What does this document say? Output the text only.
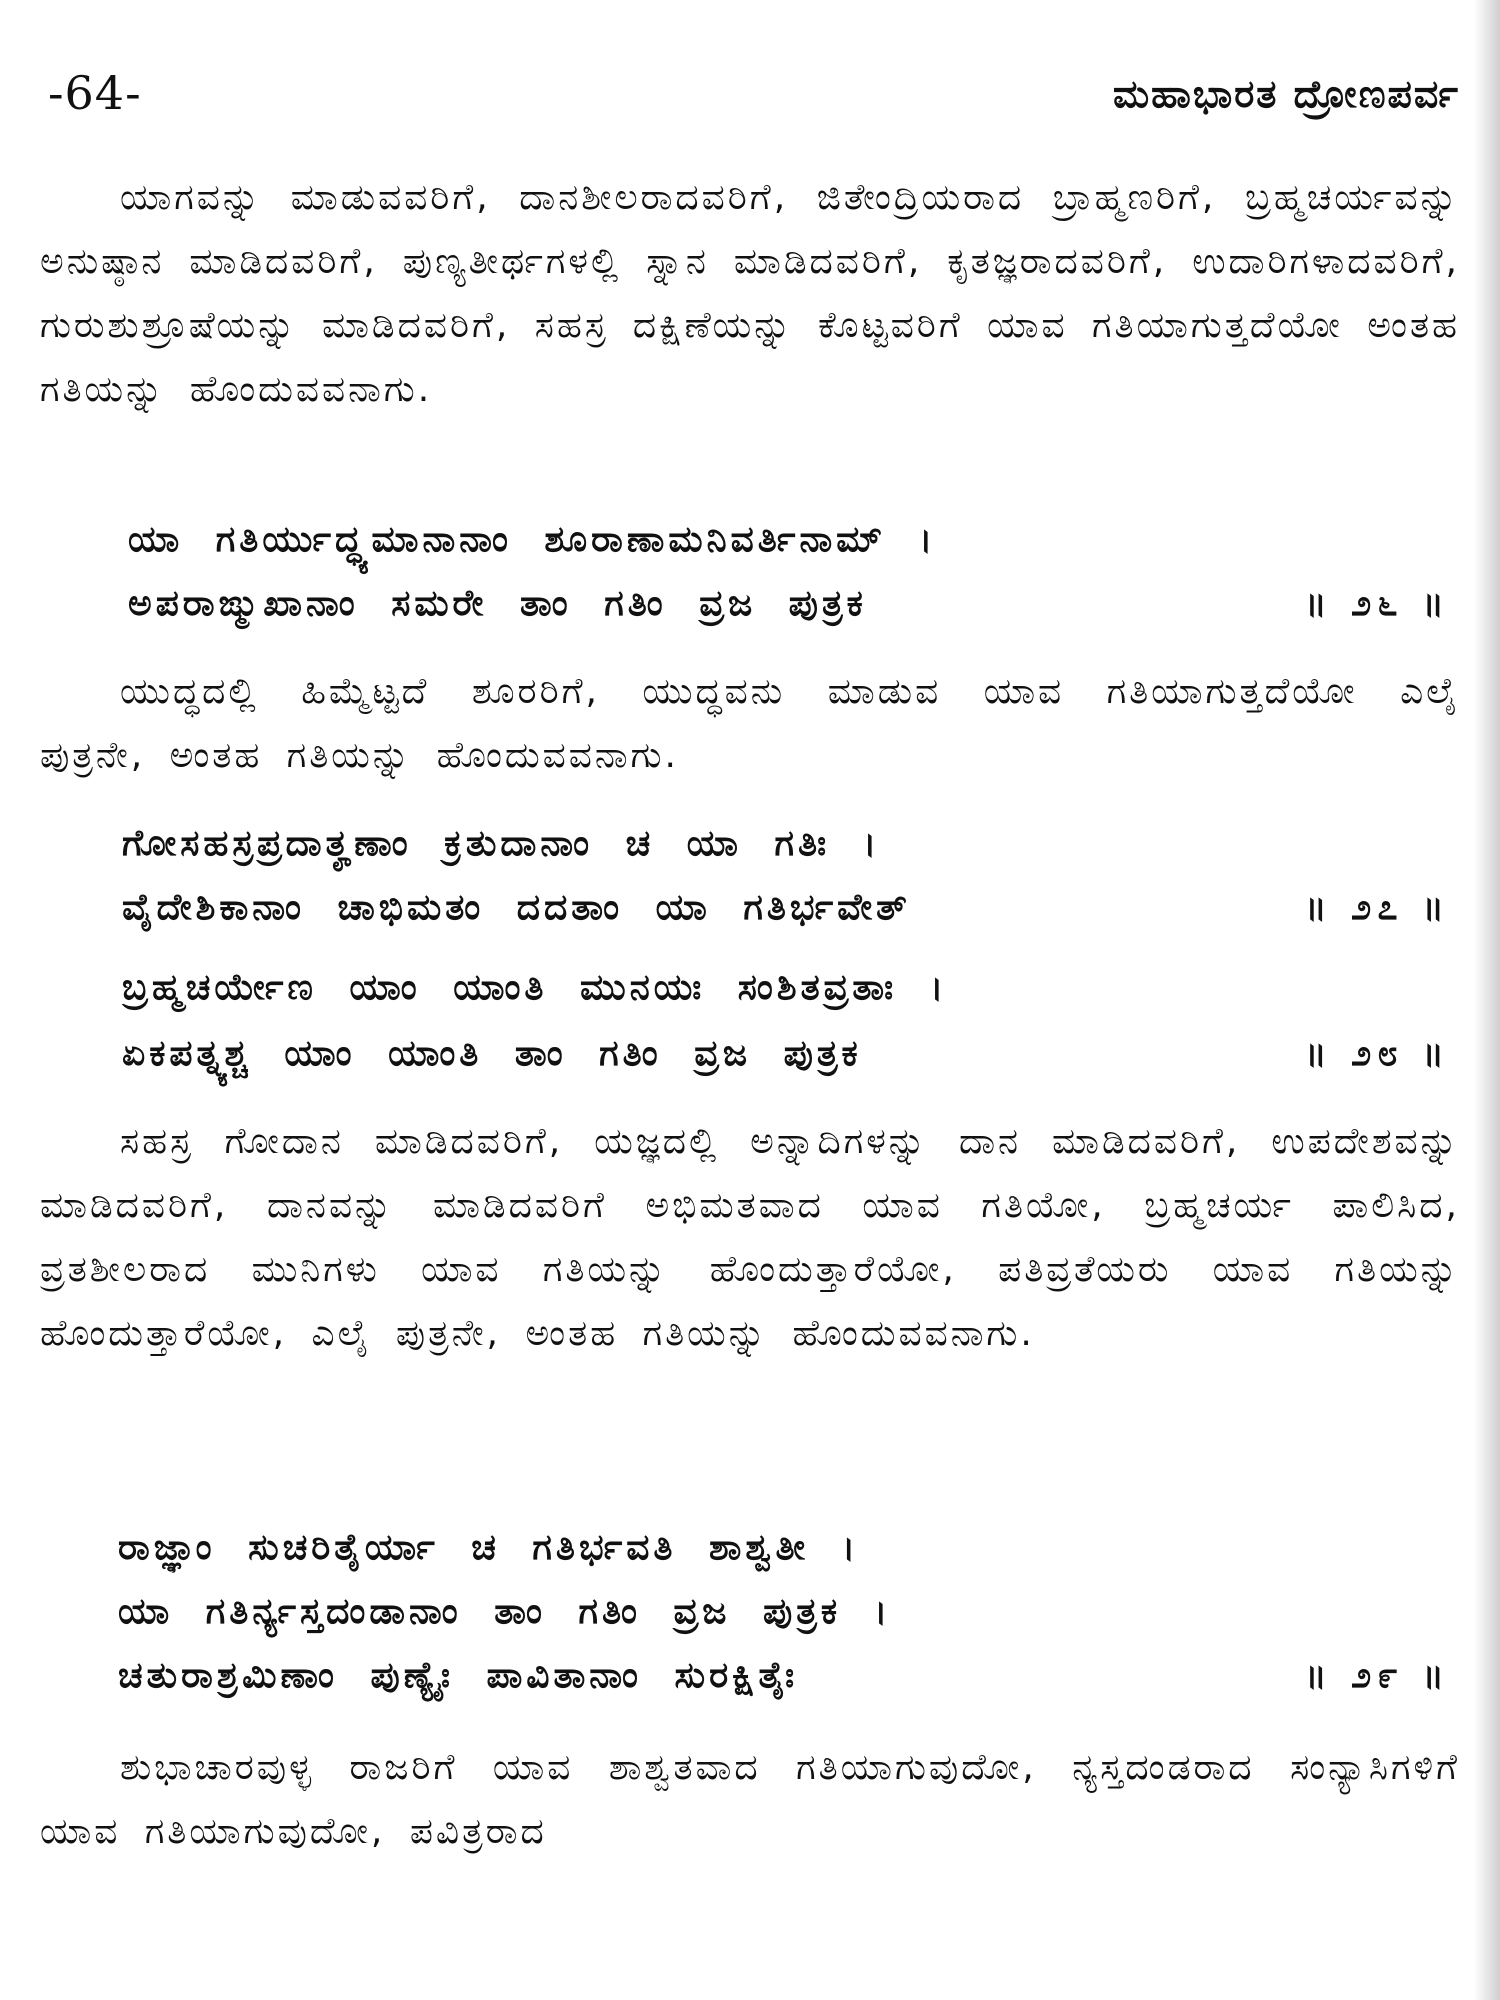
-64-	ಮಹಾಭಾರತ ದ್ರೋಣಪರ್ವ

ಯಾಗವನ್ನು ಮಾಡುವವರಿಗೆ, ದಾನಶೀಲರಾದವರಿಗೆ, ಜಿತೇಂದ್ರಿಯರಾದ ಬ್ರಾಹ್ಮಣರಿಗೆ, ಬ್ರಹ್ಮಚರ್ಯವನ್ನು ಅನುಷ್ಠಾನ ಮಾಡಿದವರಿಗೆ, ಪುಣ್ಯತೀರ್ಥಗಳಲ್ಲಿ ಸ್ನಾನ ಮಾಡಿದವರಿಗೆ, ಕೃತಜ್ಞರಾದವರಿಗೆ, ಉದಾರಿಗಳಾದವರಿಗೆ, ಗುರುಶುಶ್ರೂಷೆಯನ್ನು ಮಾಡಿದವರಿಗೆ, ಸಹಸ್ರ ದಕ್ಷಿಣೆಯನ್ನು ಕೊಟ್ಟವರಿಗೆ ಯಾವ ಗತಿಯಾಗುತ್ತದೆಯೋ ಅಂತಹ ಗತಿಯನ್ನು ಹೊಂದುವವನಾಗು.

ಯಾ ಗತಿರ್ಯುದ್ಧ್ಯಮಾನಾನಾಂ ಶೂರಾಣಾಮನಿವರ್ತಿನಾಮ್ ।
ಅಪರಾಙ್ಮುಖಾನಾಂ ಸಮರೇ ತಾಂ ಗತಿಂ ವ್ರಜ ಪುತ್ರಕ	॥ ೨೬ ॥

ಯುದ್ಧದಲ್ಲಿ ಹಿಮ್ಮೆಟ್ಟದೆ ಶೂರರಿಗೆ, ಯುದ್ಧವನು ಮಾಡುವ ಯಾವ ಗತಿಯಾಗುತ್ತದೆಯೋ ಎಲೈ ಪುತ್ರನೇ, ಅಂತಹ ಗತಿಯನ್ನು ಹೊಂದುವವನಾಗು.

ಗೋಸಹಸ್ರಪ್ರದಾತೄಣಾಂ ಕ್ರತುದಾನಾಂ ಚ ಯಾ ಗತಿಃ ।
ವೈದೇಶಿಕಾನಾಂ ಚಾಭಿಮತಂ ದದತಾಂ ಯಾ ಗತಿರ್ಭವೇತ್	॥ ೨೭ ॥
ಬ್ರಹ್ಮಚರ್ಯೇಣ ಯಾಂ ಯಾಂತಿ ಮುನಯಃ ಸಂಶಿತವ್ರತಾಃ ।
ಏಕಪತ್ನ್ಯಶ್ಚ ಯಾಂ ಯಾಂತಿ ತಾಂ ಗತಿಂ ವ್ರಜ ಪುತ್ರಕ	॥ ೨೮ ॥

ಸಹಸ್ರ ಗೋದಾನ ಮಾಡಿದವರಿಗೆ, ಯಜ್ಞದಲ್ಲಿ ಅನ್ನಾದಿಗಳನ್ನು ದಾನ ಮಾಡಿದವರಿಗೆ, ಉಪದೇಶವನ್ನು ಮಾಡಿದವರಿಗೆ, ದಾನವನ್ನು ಮಾಡಿದವರಿಗೆ ಅಭಿಮತವಾದ ಯಾವ ಗತಿಯೋ, ಬ್ರಹ್ಮಚರ್ಯ ಪಾಲಿಸಿದ, ವ್ರತಶೀಲರಾದ ಮುನಿಗಳು ಯಾವ ಗತಿಯನ್ನು ಹೊಂದುತ್ತಾರೆಯೋ, ಪತಿವ್ರತೆಯರು ಯಾವ ಗತಿಯನ್ನು ಹೊಂದುತ್ತಾರೆಯೋ, ಎಲೈ ಪುತ್ರನೇ, ಅಂತಹ ಗತಿಯನ್ನು ಹೊಂದುವವನಾಗು.

ರಾಜ್ಞಾಂ ಸುಚರಿತೈರ್ಯಾ ಚ ಗತಿರ್ಭವತಿ ಶಾಶ್ವತೀ ।
ಯಾ ಗತಿರ್ನ್ಯಸ್ತದಂಡಾನಾಂ ತಾಂ ಗತಿಂ ವ್ರಜ ಪುತ್ರಕ ।
ಚತುರಾಶ್ರಮಿಣಾಂ ಪುಣ್ಯೈಃ ಪಾವಿತಾನಾಂ ಸುರಕ್ಷಿತೈಃ	॥ ೨೯ ॥

ಶುಭಾಚಾರವುಳ್ಳ ರಾಜರಿಗೆ ಯಾವ ಶಾಶ್ವತವಾದ ಗತಿಯಾಗುವುದೋ, ನ್ಯಸ್ತದಂಡರಾದ ಸಂನ್ಯಾಸಿಗಳಿಗೆ ಯಾವ ಗತಿಯಾಗುವುದೋ, ಪವಿತ್ರರಾದ
